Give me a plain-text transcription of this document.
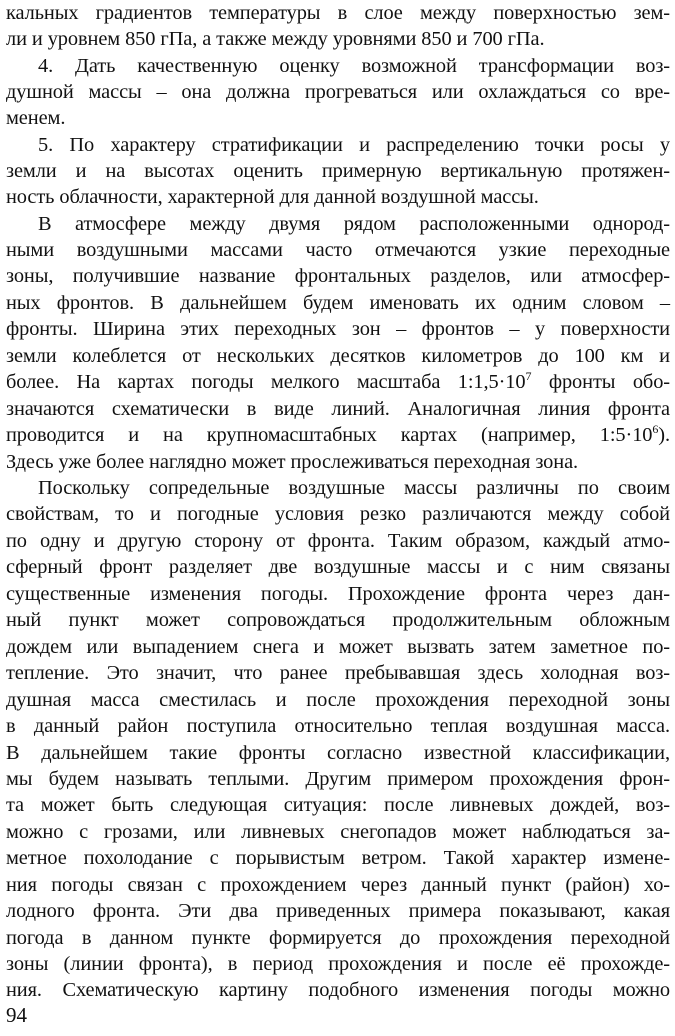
кальных градиентов температуры в слое между поверхностью зем-
ли и уровнем 850 гПа, а также между уровнями 850 и 700 гПа.
4. Дать качественную оценку возможной трансформации воз-
душной массы – она должна прогреваться или охлаждаться со вре-
менем.
5. По характеру стратификации и распределению точки росы у
земли и на высотах оценить примерную вертикальную протяжен-
ность облачности, характерной для данной воздушной массы.
В атмосфере между двумя рядом расположенными однород-
ными воздушными массами часто отмечаются узкие переходные
зоны, получившие название фронтальных разделов, или атмосфер-
ных фронтов. В дальнейшем будем именовать их одним словом –
фронты. Ширина этих переходных зон – фронтов – у поверхности
земли колеблется от нескольких десятков километров до 100 км и
более. На картах погоды мелкого масштаба $1:1,5\cdot 10^7$ фронты обо-
значаются схематически в виде линий. Аналогичная линия фронта
проводится и на крупномасштабных картах (например, $1:5\cdot 10^6$).
Здесь уже более наглядно может прослеживаться переходная зона.
Поскольку сопредельные воздушные массы различны по своим
свойствам, то и погодные условия резко различаются между собой
по одну и другую сторону от фронта. Таким образом, каждый атмо-
сферный фронт разделяет две воздушные массы и с ним связаны
существенные изменения погоды. Прохождение фронта через дан-
ный пункт может сопровождаться продолжительным обложным
дождем или выпадением снега и может вызвать затем заметное по-
тепление. Это значит, что ранее пребывавшая здесь холодная воз-
душная масса сместилась и после прохождения переходной зоны
в данный район поступила относительно теплая воздушная масса.
В дальнейшем такие фронты согласно известной классификации,
мы будем называть теплыми. Другим примером прохождения фрон-
та может быть следующая ситуация: после ливневых дождей, воз-
можно с грозами, или ливневых снегопадов может наблюдаться за-
метное похолодание с порывистым ветром. Такой характер измене-
ния погоды связан с прохождением через данный пункт (район) хо-
лодного фронта. Эти два приведенных примера показывают, какая
погода в данном пункте формируется до прохождения переходной
зоны (линии фронта), в период прохождения и после её прохожде-
ния. Схематическую картину подобного изменения погоды можно
94
